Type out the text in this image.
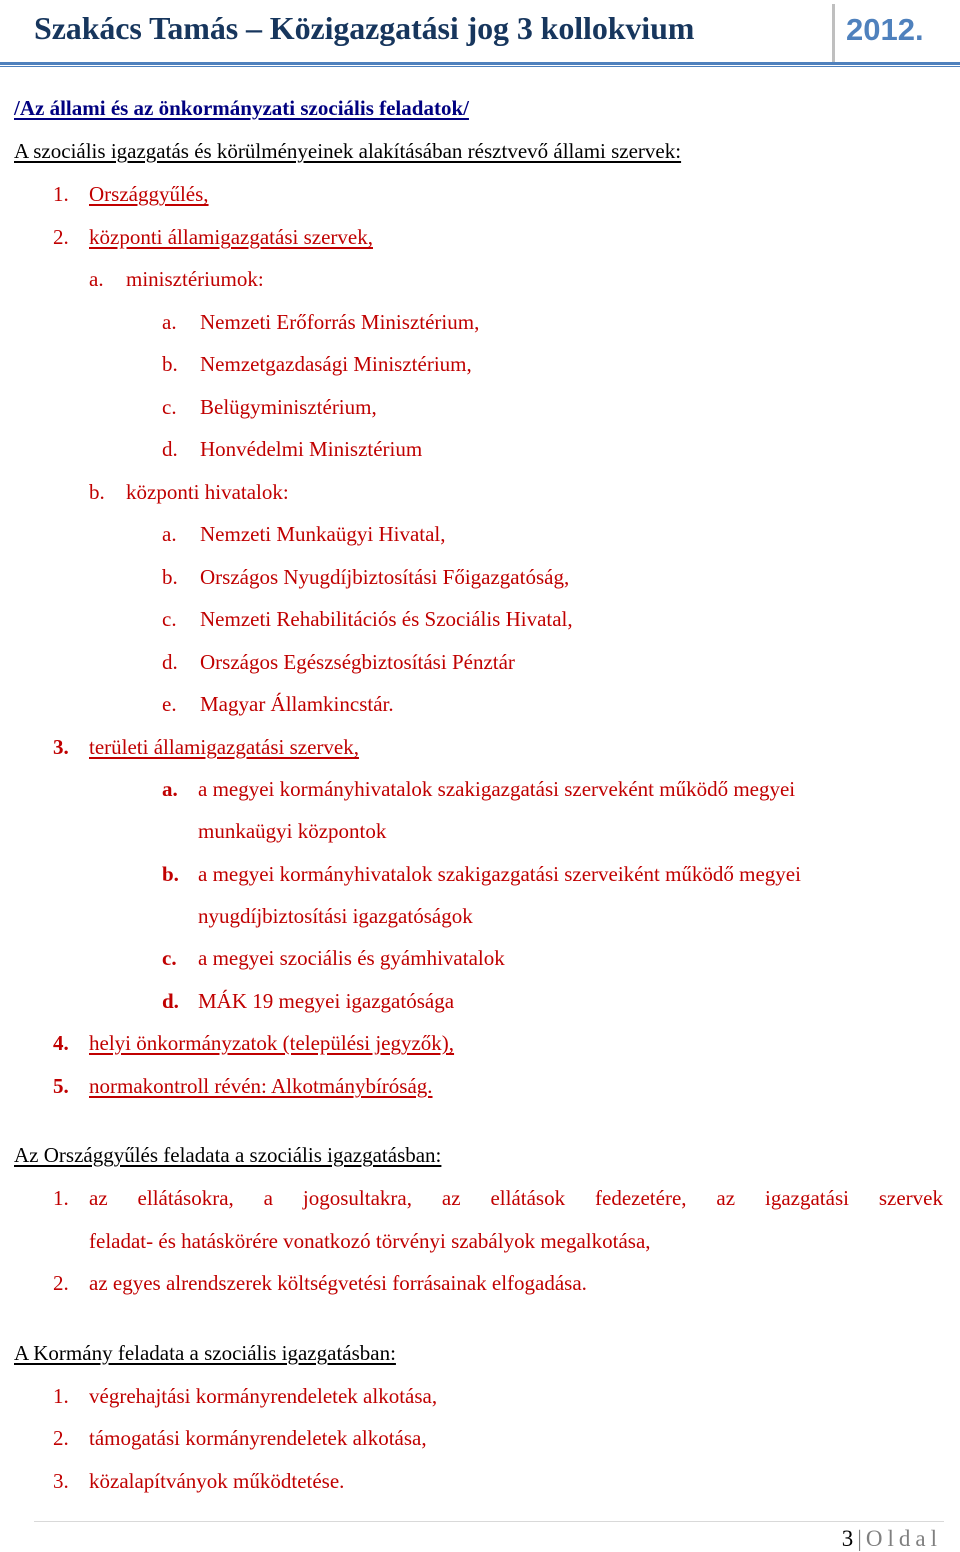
Szakács Tamás – Közigazgatási jog 3 kollokvium	2012.
/Az állami és az önkormányzati szociális feladatok/
A szociális igazgatás és körülményeinek alakításában résztvevő állami szervek:
1. Országgyűlés,
2. központi államigazgatási szervek,
a. minisztériumok:
a. Nemzeti Erőforrás Minisztérium,
b. Nemzetgazdasági Minisztérium,
c. Belügyminisztérium,
d. Honvédelmi Minisztérium
b. központi hivatalok:
a. Nemzeti Munkaügyi Hivatal,
b. Országos Nyugdíjbiztosítási Főigazgatóság,
c. Nemzeti Rehabilitációs és Szociális Hivatal,
d. Országos Egészségbiztosítási Pénztár
e. Magyar Államkincstár.
3. területi államigazgatási szervek,
a. a megyei kormányhivatalok szakigazgatási szerveként működő megyei
munkaügyi központok
b. a megyei kormányhivatalok szakigazgatási szerveiként működő megyei
nyugdíjbiztosítási igazgatóságok
c. a megyei szociális és gyámhivatalok
d. MÁK 19 megyei igazgatósága
4. helyi önkormányzatok (települési jegyzők),
5. normakontroll révén: Alkotmánybíróság.
Az Országgyűlés feladata a szociális igazgatásban:
1. az ellátásokra, a jogosultakra, az ellátások fedezetére, az igazgatási szervek
feladat- és hatáskörére vonatkozó törvényi szabályok megalkotása,
2. az egyes alrendszerek költségvetési forrásainak elfogadása.
A Kormány feladata a szociális igazgatásban:
1. végrehajtási kormányrendeletek alkotása,
2. támogatási kormányrendeletek alkotása,
3. közalapítványok működtetése.
3 | Oldal
